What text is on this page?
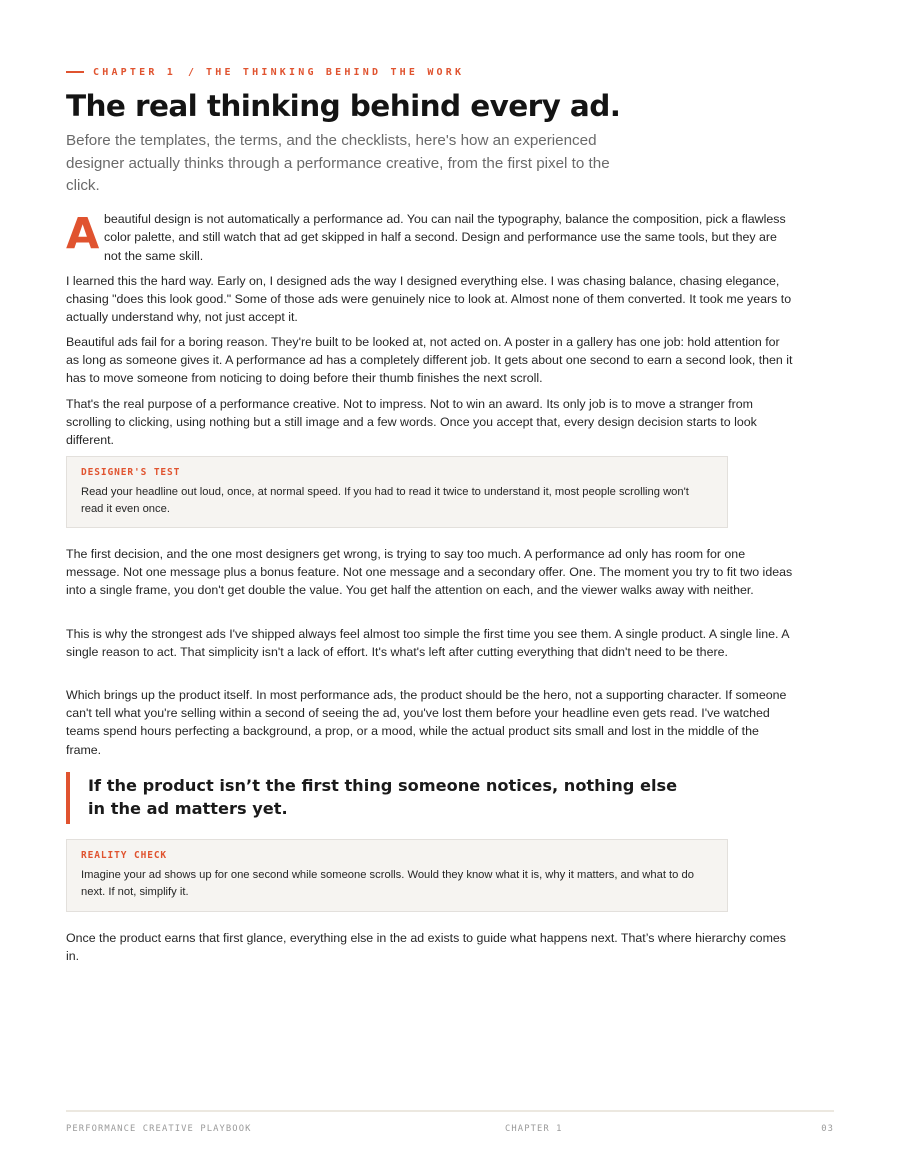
CHAPTER 1 / THE THINKING BEHIND THE WORK
The real thinking behind every ad.

Before the templates, the terms, and the checklists, here's how an experienced designer actually thinks through a performance creative, from the first pixel to the click.

A beautiful design is not automatically a performance ad. You can nail the typography, balance the composition, pick a flawless color palette, and still watch that ad get skipped in half a second. Design and performance use the same tools, but they are not the same skill.

I learned this the hard way. Early on, I designed ads the way I designed everything else. I was chasing balance, chasing elegance, chasing "does this look good." Some of those ads were genuinely nice to look at. Almost none of them converted. It took me years to actually understand why, not just accept it.

Beautiful ads fail for a boring reason. They're built to be looked at, not acted on. A poster in a gallery has one job: hold attention for as long as someone gives it. A performance ad has a completely different job. It gets about one second to earn a second look, then it has to move someone from noticing to doing before their thumb finishes the next scroll.

That's the real purpose of a performance creative. Not to impress. Not to win an award. Its only job is to move a stranger from scrolling to clicking, using nothing but a still image and a few words. Once you accept that, every design decision starts to look different.

DESIGNER'S TEST
Read your headline out loud, once, at normal speed. If you had to read it twice to understand it, most people scrolling won't read it even once.

The first decision, and the one most designers get wrong, is trying to say too much. A performance ad only has room for one message. Not one message plus a bonus feature. Not one message and a secondary offer. One. The moment you try to fit two ideas into a single frame, you don't get double the value. You get half the attention on each, and the viewer walks away with neither.

This is why the strongest ads I've shipped always feel almost too simple the first time you see them. A single product. A single line. A single reason to act. That simplicity isn't a lack of effort. It's what's left after cutting everything that didn't need to be there.

Which brings up the product itself. In most performance ads, the product should be the hero, not a supporting character. If someone can't tell what you're selling within a second of seeing the ad, you've lost them before your headline even gets read. I've watched teams spend hours perfecting a background, a prop, or a mood, while the actual product sits small and lost in the middle of the frame.

If the product isn’t the first thing someone notices, nothing else in the ad matters yet.

REALITY CHECK
Imagine your ad shows up for one second while someone scrolls. Would they know what it is, why it matters, and what to do next. If not, simplify it.

Once the product earns that first glance, everything else in the ad exists to guide what happens next. That’s where hierarchy comes in.

PERFORMANCE CREATIVE PLAYBOOK	CHAPTER 1	03
